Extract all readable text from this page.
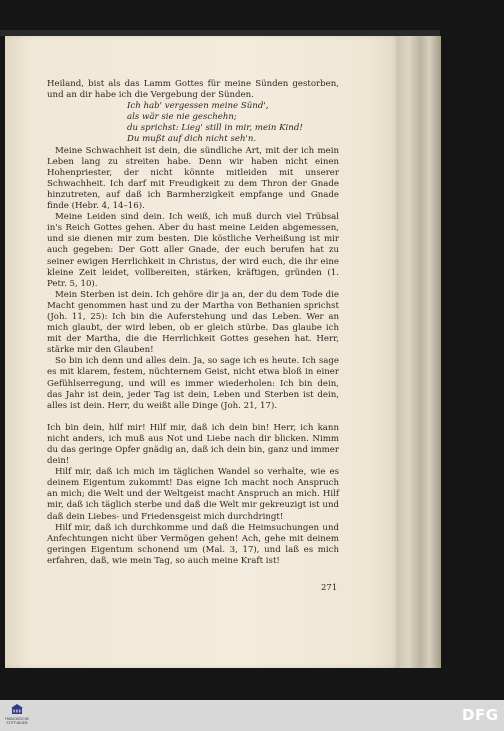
Heiland, bist als das Lamm Gottes für meine Sünden gestorben, und an dir habe ich die Vergebung der Sünden.

Ich hab' vergessen meine Sünd',
als wär sie nie geschehn;
du sprichst: Lieg' still in mir, mein Kind!
Du mußt auf dich nicht seh'n.

Meine Schwachheit ist dein, die sündliche Art, mit der ich mein Leben lang zu streiten habe. Denn wir haben nicht einen Hohenpriester, der nicht könnte mitleiden mit unserer Schwachheit. Ich darf mit Freudigkeit zu dem Thron der Gnade hinzutreten, auf daß ich Barmherzigkeit empfange und Gnade finde (Hebr. 4, 14–16).

Meine Leiden sind dein. Ich weiß, ich muß durch viel Trübsal in's Reich Gottes gehen. Aber du hast meine Leiden abgemessen, und sie dienen mir zum besten. Die köstliche Verheißung ist mir auch gegeben: Der Gott aller Gnade, der euch berufen hat zu seiner ewigen Herrlichkeit in Christus, der wird euch, die ihr eine kleine Zeit leidet, vollbereiten, stärken, kräftigen, gründen (1. Petr. 5, 10).

Mein Sterben ist dein. Ich gehöre dir ja an, der du dem Tode die Macht genommen hast und zu der Martha von Bethanien sprichst (Joh. 11, 25): Ich bin die Auferstehung und das Leben. Wer an mich glaubt, der wird leben, ob er gleich stürbe. Das glaube ich mit der Martha, die die Herrlichkeit Gottes gesehen hat. Herr, stärke mir den Glauben!

So bin ich denn und alles dein. Ja, so sage ich es heute. Ich sage es mit klarem, festem, nüchternem Geist, nicht etwa bloß in einer Gefühlserregung, und will es immer wiederholen: Ich bin dein, das Jahr ist dein, jeder Tag ist dein, Leben und Sterben ist dein, alles ist dein. Herr, du weißt alle Dinge (Joh. 21, 17).

Ich bin dein, hilf mir! Hilf mir, daß ich dein bin! Herr, ich kann nicht anders, ich muß aus Not und Liebe nach dir blicken. Nimm du das geringe Opfer gnädig an, daß ich dein bin, ganz und immer dein!

Hilf mir, daß ich mich im täglichen Wandel so verhalte, wie es deinem Eigentum zukommt! Das eigne Ich macht noch Anspruch an mich; die Welt und der Weltgeist macht Anspruch an mich. Hilf mir, daß ich täglich sterbe und daß die Welt mir gekreuzigt ist und daß dein Liebes- und Friedensgeist mich durchdringt!

Hilf mir, daß ich durchkomme und daß die Heimsuchungen und Anfechtungen nicht über Vermögen gehen! Ach, gehe mit deinem geringen Eigentum schonend um (Mal. 3, 17), und laß es mich erfahren, daß, wie mein Tag, so auch meine Kraft ist!

271
FRANCKESCHE
STIFTUNGEN	DFG
